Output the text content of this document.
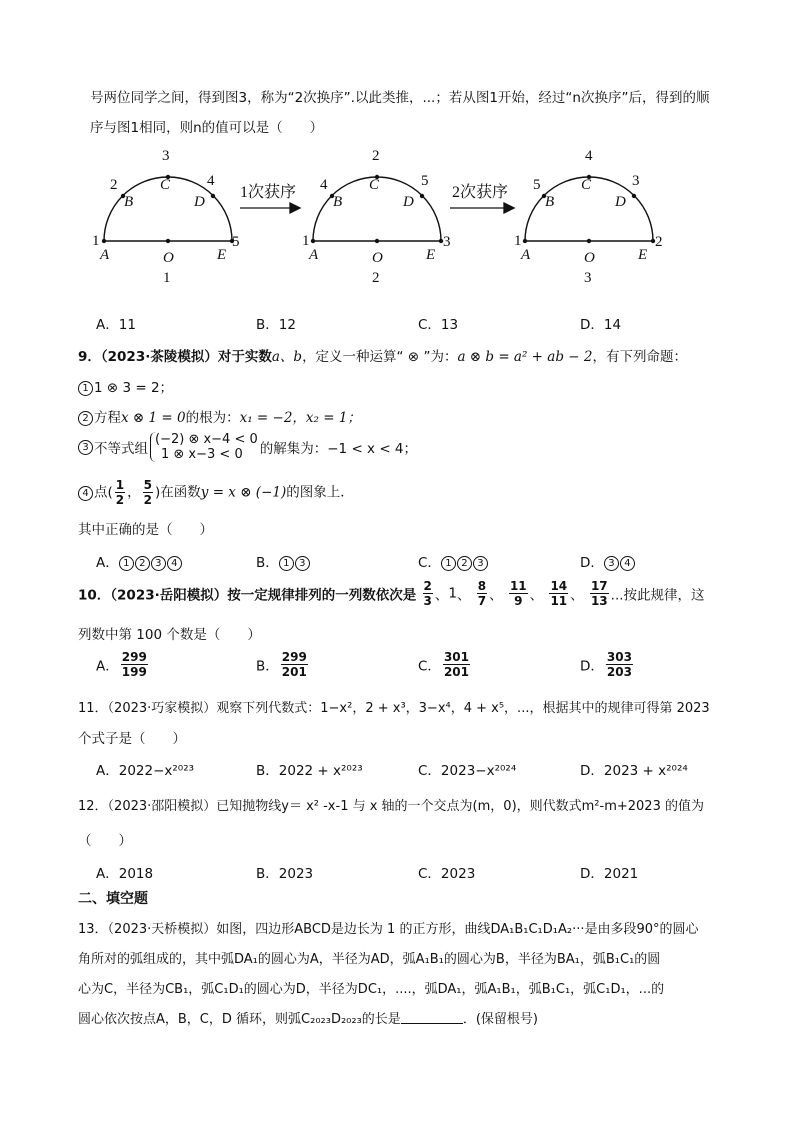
号两位同学之间，得到图3，称为“2次换序”.以此类推，...；若从图1开始，经过“n次换序”后，得到的顺
序与图1相同，则n的值可以是（　　）
1次获序	2次获序
1
2
3
4
5	1
4
2
5
3	1
5
4
3
2
A
B
C
D
O	E	A
B
C
D
O	E	A
B
C
D
O	E
1	2	3
A．11	B．12	C．13	D．14
9．（2023·茶陵模拟）对于实数a、b，定义一种运算“ ⊗ ”为：a ⊗ b = a² + ab − 2，有下列命题：
1 1 ⊗ 3 = 2；
2 方程x ⊗ 1 = 0的根为：x₁ = −2，x₂ = 1；
3 不等式组
(−2) ⊗ x−4 < 0
1 ⊗ x−3 < 0	的解集为：−1 < x < 4；
4 点( $\frac{1}{2}$ ， $\frac{5}{2}$ )在函数y = x ⊗ (−1)的图象上．
其中正确的是（　　）
A． 1 2 3 4	B． 1 3	C． 1 2 3	D． 3 4
10．（2023·岳阳模拟）按一定规律排列的一列数依次是 $\frac{2}{3}$ 、1、 $\frac{8}{7}$ 、 $\frac{11}{9}$ 、 $\frac{14}{11}$ 、 $\frac{17}{13}$ ...按此规律，这
列数中第 100 个数是（　　）
A． $\frac{299}{199}$	B． $\frac{299}{201}$	C． $\frac{301}{201}$	D． $\frac{303}{203}$
11．（2023·巧家模拟）观察下列代数式：1−x²，2 + x³，3−x⁴，4 + x⁵，...，根据其中的规律可得第 2023
个式子是（　　）
A．2022−x²⁰²³	B．2022 + x²⁰²³	C．2023−x²⁰²⁴	D．2023 + x²⁰²⁴
12．（2023·邵阳模拟）已知抛物线y＝ x² -x-1 与 x 轴的一个交点为(m，0)，则代数式m²-m+2023 的值为
（　　）
A．2018	B．2023	C．2023	D．2021
二、填空题
13．（2023·天桥模拟）如图，四边形ABCD是边长为 1 的正方形，曲线DA₁B₁C₁D₁A₂···是由多段90°的圆心
角所对的弧组成的，其中弧DA₁的圆心为A，半径为AD，弧A₁B₁的圆心为B，半径为BA₁，弧B₁C₁的圆
心为C，半径为CB₁，弧C₁D₁的圆心为D，半径为DC₁，....，弧DA₁，弧A₁B₁，弧B₁C₁，弧C₁D₁，...的
圆心依次按点A，B，C，D 循环，则弧C₂₀₂₃D₂₀₂₃的长是	．(保留根号)
